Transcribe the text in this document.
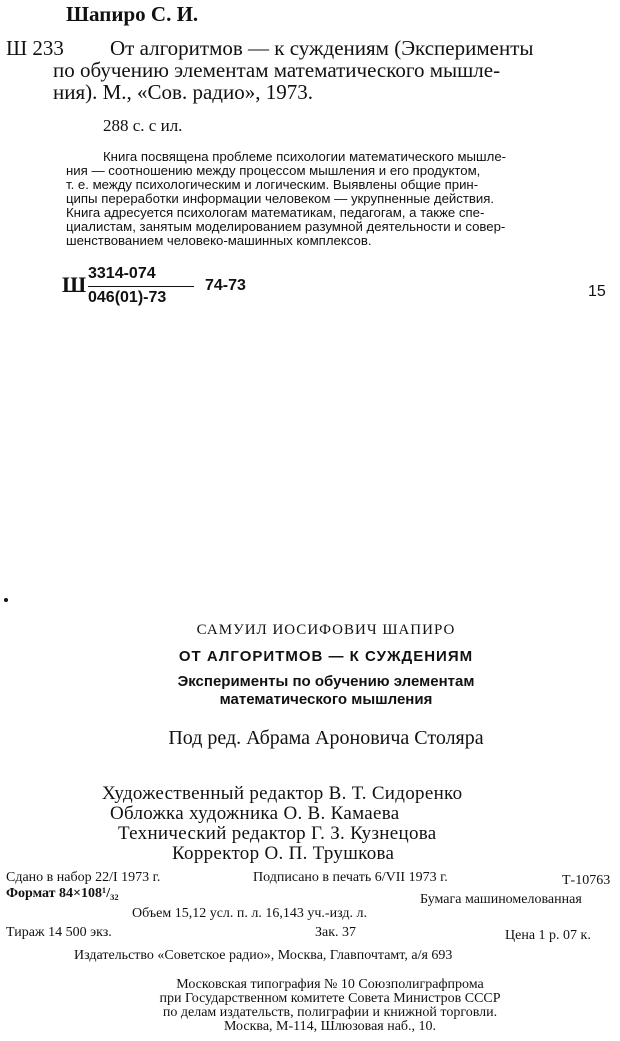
Шапиро С. И.
Ш 233 От алгоритмов — к суждениям (Эксперименты
по обучению элементам математического мышле-
ния). М., «Сов. радио», 1973.
288 с. с ил.
Книга посвящена проблеме психологии математического мышле-
ния — соотношению между процессом мышления и его продуктом,
т. е. между психологическим и логическим. Выявлены общие прин-
ципы переработки информации человеком — укрупненные действия.
Книга адресуется психологам математикам, педагогам, а также спе-
циалистам, занятым моделированием разумной деятельности и совер-
шенствованием человеко-машинных комплексов.
Ш 3314-074
046(01)-73
74-73	15
САМУИЛ ИОСИФОВИЧ ШАПИРО
ОТ АЛГОРИТМОВ — К СУЖДЕНИЯМ
Эксперименты по обучению элементам
математического мышления
Под ред. Абрама Ароновича Столяра
Художественный редактор В. Т. Сидоренко
Обложка художника О. В. Камаева
Технический редактор Г. З. Кузнецова
Корректор О. П. Трушкова
Сдано в набор 22/I 1973 г.	Подписано в печать 6/VII 1973 г.	Т-10763
Формат 84×108¹/₃₂	Бумага машиномелованная
Объем 15,12 усл. п. л. 16,143 уч.-изд. л.
Тираж 14 500 экз.	Зак. 37	Цена 1 р. 07 к.
Издательство «Советское радио», Москва, Главпочтамт, а/я 693
Московская типография № 10 Союзполиграфпрома
при Государственном комитете Совета Министров СССР
по делам издательств, полиграфии и книжной торговли.
Москва, М-114, Шлюзовая наб., 10.
